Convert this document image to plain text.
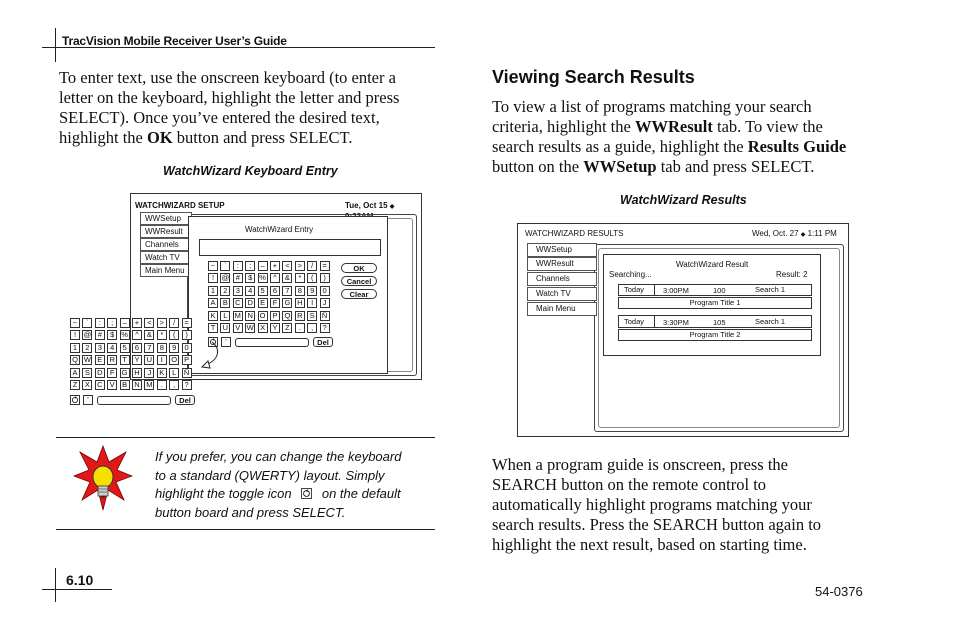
TracVision Mobile Receiver User’s Guide
To enter text, use the onscreen keyboard (to enter a
letter on the keyboard, highlight the letter and press
SELECT). Once you’ve entered the desired text,
highlight the OK button and press SELECT.
WatchWizard Keyboard Entry
WATCHWIZARD SETUP	Tue, Oct 15 ◆
WWSetup
WWResult
Channels
Watch TV
Main Menu
WatchWizard Entry
~	`	:	;	–	+	<	>	/	=
!	@ #	$ % ^	&	*	(	)
1	2	3	4	5	6	7	8	9	0
A B C D E	F G H	I	J
K	L M N O P Q R S Ñ
T U V W X Y	Z	.	,	?
OK
Cancel
Clear
'	Del
~	`	:	;	–	+	<	>	/	=
!	@ #	$ % ^	&	*	(	)
1	2	3	4	5	6	7	8	9	0
Q W E R T	Y U	I	O P
A S D F G H	J	K	L	Ñ
Z	X C V B N M	.	,	?
'	Del
If you prefer, you can change the keyboard
to a standard (QWERTY) layout. Simply
highlight the toggle icon on the default
button board and press SELECT.
Viewing Search Results
To view a list of programs matching your search
criteria, highlight the WWResult tab. To view the
search results as a guide, highlight the Results Guide
button on the WWSetup tab and press SELECT.
WatchWizard Results
WATCHWIZARD RESULTS	Wed, Oct. 27 ◆ 1:11 PM
WWSetup
WWResult
Channels
Watch TV
Main Menu
WatchWizard Result
Searching...	Result: 2
Today	3:00PM	100	Search 1
Program Title 1
Today	3:30PM	105	Search 1
Program Title 2
When a program guide is onscreen, press the
SEARCH button on the remote control to
automatically highlight programs matching your
search results. Press the SEARCH button again to
highlight the next result, based on starting time.
6.10
54-0376
